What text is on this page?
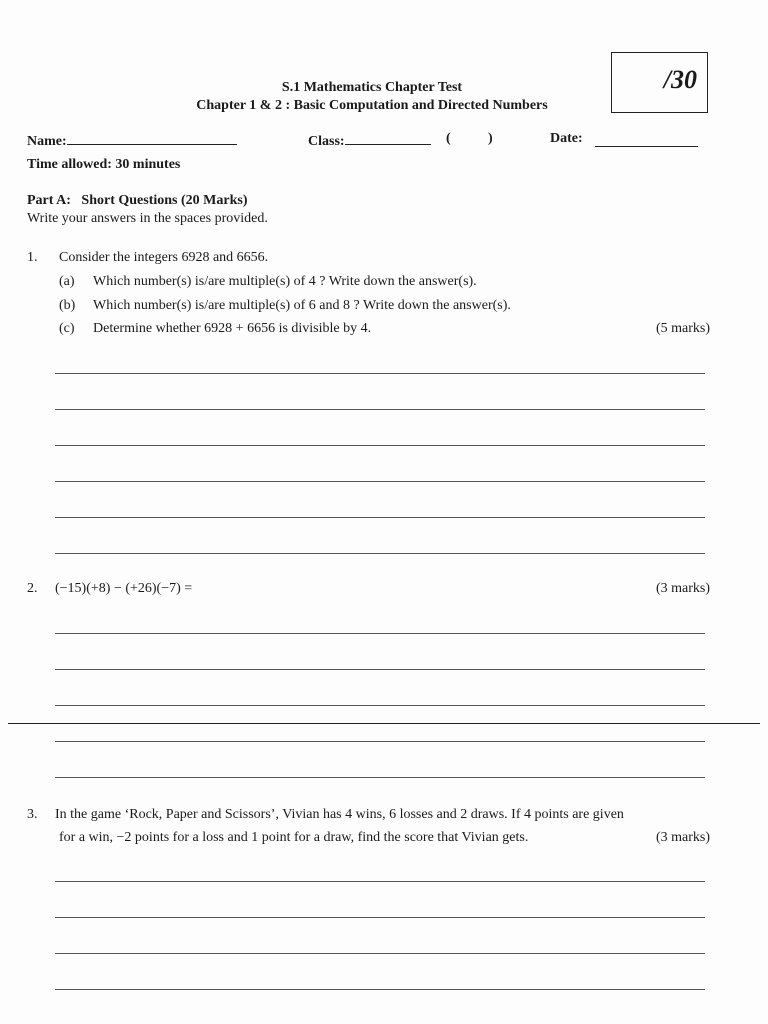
S.1 Mathematics Chapter Test
Chapter 1 & 2 : Basic Computation and Directed Numbers
/30
Name:	Class:	(	)	Date:
Time allowed: 30 minutes
Part A:   Short Questions (20 Marks)
Write your answers in the spaces provided.
1. Consider the integers 6928 and 6656.
(a) Which number(s) is/are multiple(s) of 4 ? Write down the answer(s).
(b) Which number(s) is/are multiple(s) of 6 and 8 ? Write down the answer(s).
(c) Determine whether 6928 + 6656 is divisible by 4.	(5 marks)
2. (−15)(+8) − (+26)(−7) =	(3 marks)
3. In the game ‘Rock, Paper and Scissors’, Vivian has 4 wins, 6 losses and 2 draws. If 4 points are given
for a win, −2 points for a loss and 1 point for a draw, find the score that Vivian gets.	(3 marks)
